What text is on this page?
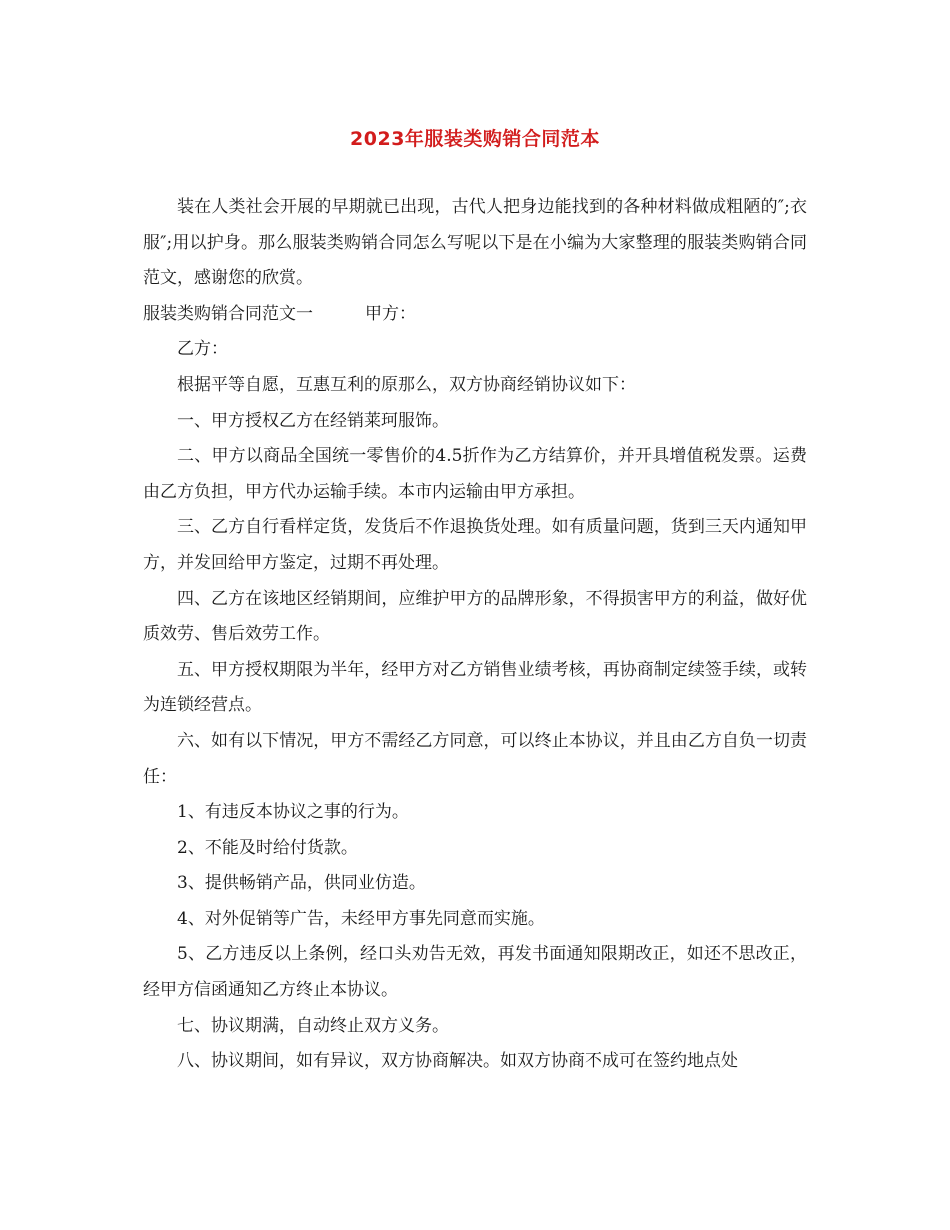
2023年服装类购销合同范本

装在人类社会开展的早期就已出现，古代人把身边能找到的各种材料做成粗陋的″;衣服″;用以护身。那么服装类购销合同怎么写呢以下是在小编为大家整理的服装类购销合同范文，感谢您的欣赏。

服装类购销合同范文一	甲方：

乙方：

根据平等自愿，互惠互利的原那么，双方协商经销协议如下：

一、甲方授权乙方在经销莱珂服饰。

二、甲方以商品全国统一零售价的4.5折作为乙方结算价，并开具增值税发票。运费由乙方负担，甲方代办运输手续。本市内运输由甲方承担。

三、乙方自行看样定货，发货后不作退换货处理。如有质量问题，货到三天内通知甲方，并发回给甲方鉴定，过期不再处理。

四、乙方在该地区经销期间，应维护甲方的品牌形象，不得损害甲方的利益，做好优质效劳、售后效劳工作。

五、甲方授权期限为半年，经甲方对乙方销售业绩考核，再协商制定续签手续，或转为连锁经营点。

六、如有以下情况，甲方不需经乙方同意，可以终止本协议，并且由乙方自负一切责任：

1、有违反本协议之事的行为。

2、不能及时给付货款。

3、提供畅销产品，供同业仿造。

4、对外促销等广告，未经甲方事先同意而实施。

5、乙方违反以上条例，经口头劝告无效，再发书面通知限期改正，如还不思改正，经甲方信函通知乙方终止本协议。

七、协议期满，自动终止双方义务。

八、协议期间，如有异议，双方协商解决。如双方协商不成可在签约地点处
